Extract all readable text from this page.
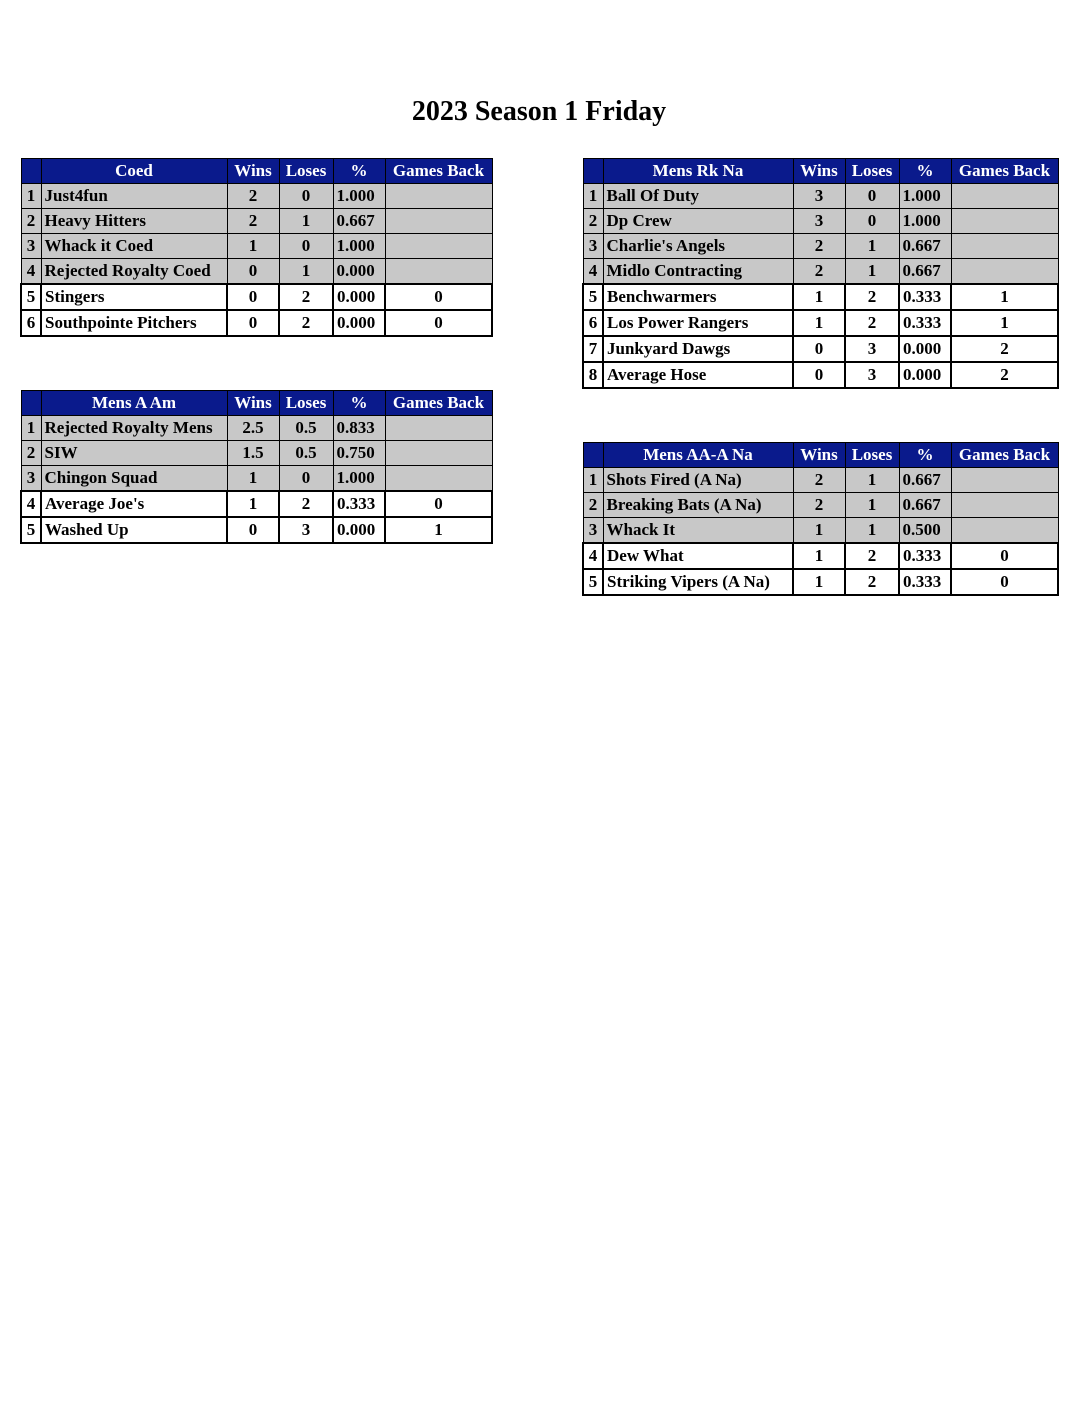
2023 Season 1 Friday
	Coed	Wins	Loses	%	Games Back
1	Just4fun	2	0	1.000	
2	Heavy Hitters	2	1	0.667	
3	Whack it Coed	1	0	1.000	
4	Rejected Royalty Coed	0	1	0.000	
5	Stingers	0	2	0.000	0
6	Southpointe Pitchers	0	2	0.000	0
	Mens A Am	Wins	Loses	%	Games Back
1	Rejected Royalty Mens	2.5	0.5	0.833	
2	SIW	1.5	0.5	0.750	
3	Chingon Squad	1	0	1.000	
4	Average Joe's	1	2	0.333	0
5	Washed Up	0	3	0.000	1
	Mens Rk Na	Wins	Loses	%	Games Back
1	Ball Of Duty	3	0	1.000	
2	Dp Crew	3	0	1.000	
3	Charlie's Angels	2	1	0.667	
4	Midlo Contracting	2	1	0.667	
5	Benchwarmers	1	2	0.333	1
6	Los Power Rangers	1	2	0.333	1
7	Junkyard Dawgs	0	3	0.000	2
8	Average Hose	0	3	0.000	2
	Mens AA-A Na	Wins	Loses	%	Games Back
1	Shots Fired (A Na)	2	1	0.667	
2	Breaking Bats (A Na)	2	1	0.667	
3	Whack It	1	1	0.500	
4	Dew What	1	2	0.333	0
5	Striking Vipers (A Na)	1	2	0.333	0
